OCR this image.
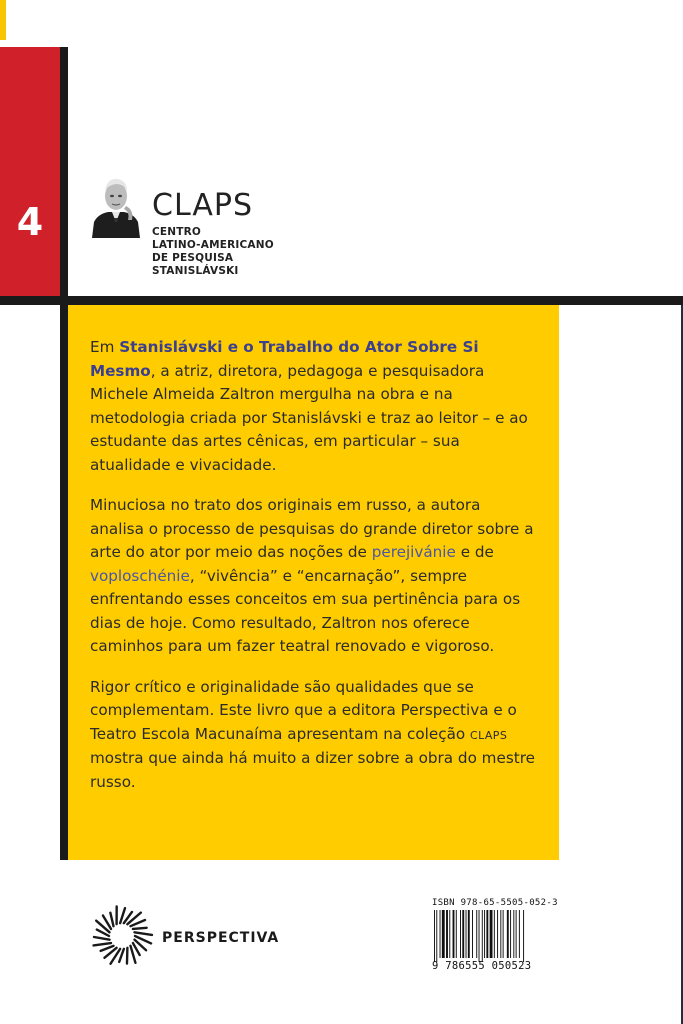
4	CLAPS
CENTRO
LATINO-AMERICANO
DE PESQUISA
STANISLÁVSKI

Em Stanislávski e o Trabalho do Ator Sobre Si Mesmo, a atriz, diretora, pedagoga e pesquisadora Michele Almeida Zaltron mergulha na obra e na metodologia criada por Stanislávski e traz ao leitor – e ao estudante das artes cênicas, em particular – sua atualidade e vivacidade.

Minuciosa no trato dos originais em russo, a autora analisa o processo de pesquisas do grande diretor sobre a arte do ator por meio das noções de perejivánie e de voploschénie, “vivência” e “encarnação”, sempre enfrentando esses conceitos em sua pertinência para os dias de hoje. Como resultado, Zaltron nos oferece caminhos para um fazer teatral renovado e vigoroso.

Rigor crítico e originalidade são qualidades que se complementam. Este livro que a editora Perspectiva e o Teatro Escola Macunaíma apresentam na coleção CLAPS mostra que ainda há muito a dizer sobre a obra do mestre russo.

PERSPECTIVA
ISBN 978-65-5505-052-3
9 786555 050523
